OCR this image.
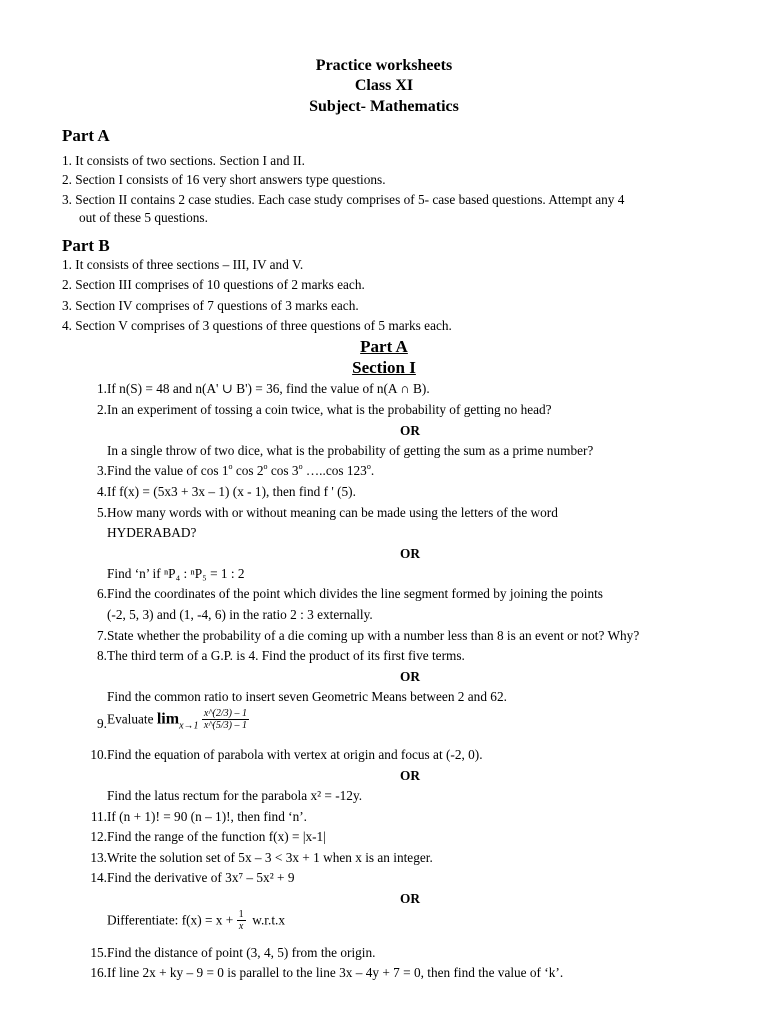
Practice worksheets
Class XI
Subject- Mathematics
Part A
1. It consists of two sections. Section I and II.
2. Section I consists of 16 very short answers type questions.
3. Section II contains 2 case studies. Each case study comprises of 5- case based questions. Attempt any 4
out of these 5 questions.
Part B
1. It consists of three sections – III, IV and V.
2. Section III comprises of 10 questions of 2 marks each.
3. Section IV comprises of 7 questions of 3 marks each.
4. Section V comprises of 3 questions of three questions of 5 marks each.
Part A
Section I
1. If n(S) = 48 and n(A' ∪ B') = 36, find the value of n(A ∩ B).
2. In an experiment of tossing a coin twice, what is the probability of getting no head?
OR
In a single throw of two dice, what is the probability of getting the sum as a prime number?
3. Find the value of cos 1$^o$ cos 2$^o$ cos 3$^o$ …..cos 123$^o$.
4. If f(x) = (5x3 + 3x – 1) (x - 1), then find f ' (5).
5. How many words with or without meaning can be made using the letters of the word
HYDERABAD?
OR
Find ‘n’ if ⁿP₄ : ⁿP₅ = 1 : 2
6. Find the coordinates of the point which divides the line segment formed by joining the points
(-2, 5, 3) and (1, -4, 6) in the ratio 2 : 3 externally.
7. State whether the probability of a die coming up with a number less than 8 is an event or not? Why?
8. The third term of a G.P. is 4. Find the product of its first five terms.
OR
Find the common ratio to insert seven Geometric Means between 2 and 62.
9. Evaluate $\lim_{x\to 1} \frac{x\^{}(2/3) - 1}{x\^{}(5/3) - 1}$
10. Find the equation of parabola with vertex at origin and focus at (-2, 0).
OR
Find the latus rectum for the parabola x² = -12y.
11. If (n + 1)! = 90 (n – 1)!, then find ‘n’.
12. Find the range of the function f(x) = |x-1|
13. Write the solution set of 5x – 3 < 3x + 1 when x is an integer.
14. Find the derivative of 3x⁷ – 5x² + 9
OR
Differentiate: $f(x) = x + \frac{1}{x} w.r.t.x$
15. Find the distance of point (3, 4, 5) from the origin.
16. If line 2x + ky – 9 = 0 is parallel to the line 3x – 4y + 7 = 0, then find the value of ‘k’.
